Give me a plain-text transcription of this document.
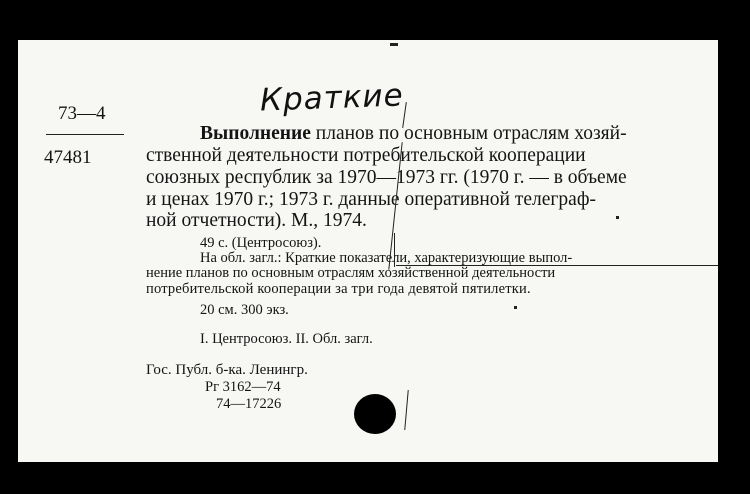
73—4
47481
Краткие
Выполнение планов по основным отраслям хозяй-
ственной деятельности потребительской кооперации
союзных республик за 1970—1973 гг. (1970 г. — в объеме
и ценах 1970 г.; 1973 г. данные оперативной телеграф-
ной отчетности). М., 1974.
49 с. (Центросоюз).
На обл. загл.: Краткие показатели, характеризующие выпол-
нение планов по основным отраслям хозяйственной деятельности
потребительской кооперации за три года девятой пятилетки.
20 см. 300 экз.
I. Центросоюз. II. Обл. загл.
Гос. Публ. б-ка. Ленингр.
Рг 3162—74
74—17226
